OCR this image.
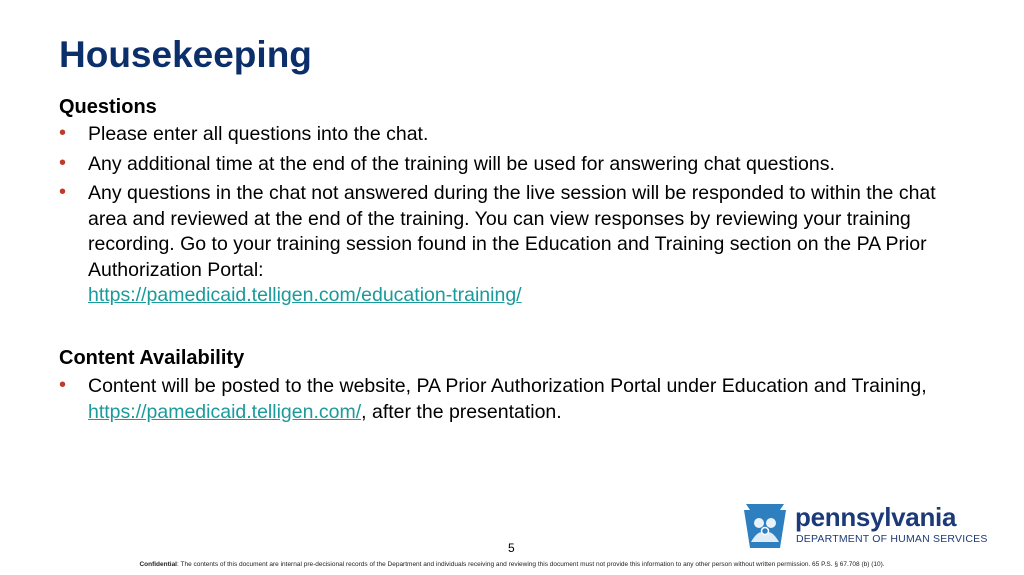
Housekeeping
Questions
• Please enter all questions into the chat.
• Any additional time at the end of the training will be used for answering chat questions.
• Any questions in the chat not answered during the live session will be responded to within the chat area and reviewed at the end of the training. You can view responses by reviewing your training recording. Go to your training session found in the Education and Training section on the PA Prior Authorization Portal:
https://pamedicaid.telligen.com/education-training/
Content Availability
• Content will be posted to the website, PA Prior Authorization Portal under Education and Training, https://pamedicaid.telligen.com/, after the presentation.
5
pennsylvania
DEPARTMENT OF HUMAN SERVICES
Confidential: The contents of this document are internal pre-decisional records of the Department and individuals receiving and reviewing this document must not provide this information to any other person without written permission. 65 P.S. § 67.708 (b) (10).
